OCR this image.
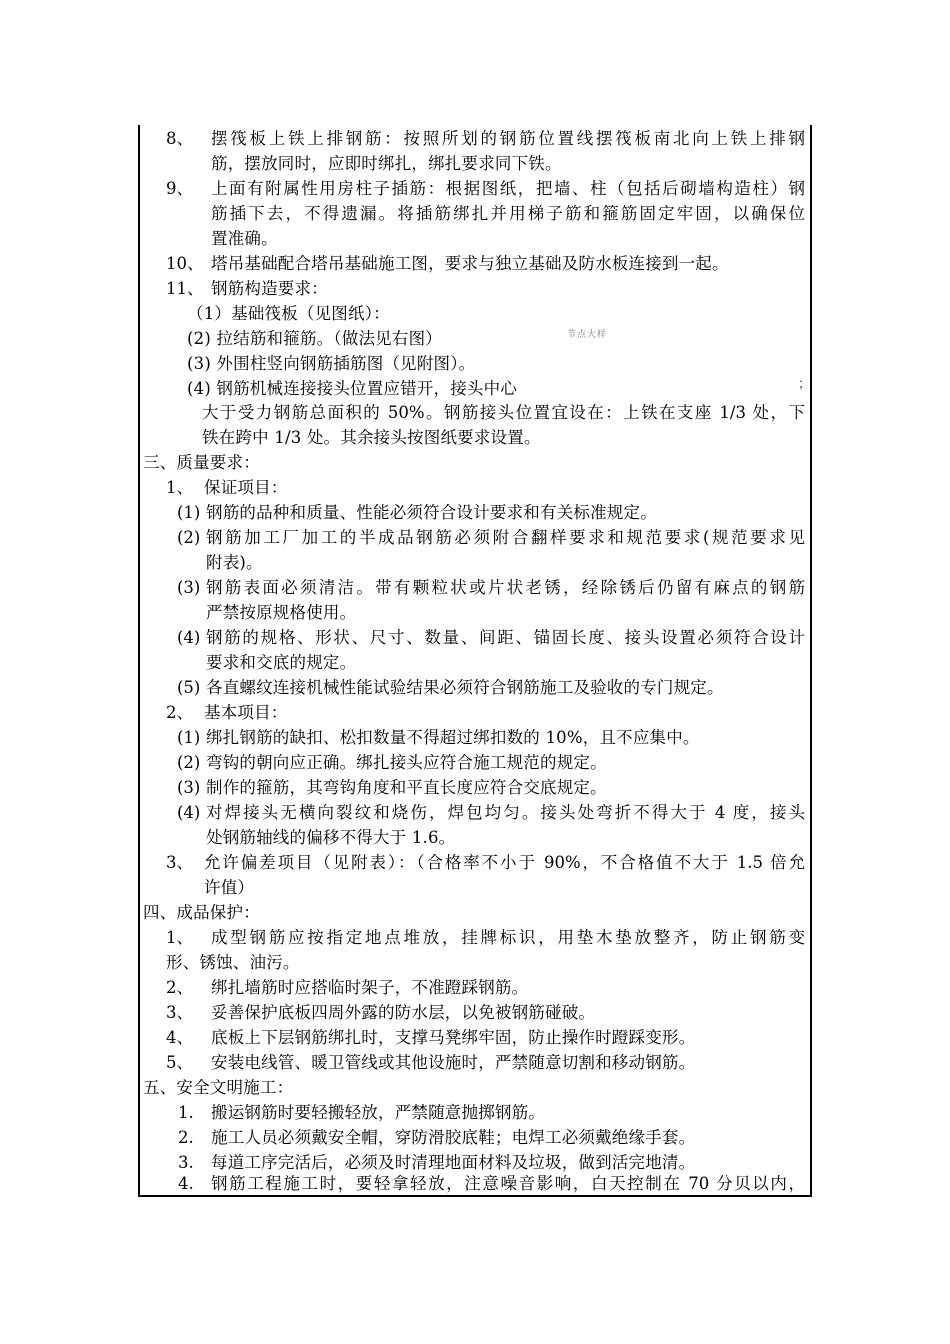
8、 摆筏板上铁上排钢筋：按照所划的钢筋位置线摆筏板南北向上铁上排钢
筋，摆放同时，应即时绑扎，绑扎要求同下铁。
9、 上面有附属性用房柱子插筋：根据图纸，把墙、柱（包括后砌墙构造柱）钢
筋插下去，不得遗漏。将插筋绑扎并用梯子筋和箍筋固定牢固，以确保位
置准确。
10、 塔吊基础配合塔吊基础施工图，要求与独立基础及防水板连接到一起。
11、 钢筋构造要求：
（1）基础筏板（见图纸）：
(2) 拉结筋和箍筋。（做法见右图）	节点大样
(3) 外围柱竖向钢筋插筋图（见附图）。
(4) 钢筋机械连接接头位置应错开，接头中心	；
大于受力钢筋总面积的 50%。钢筋接头位置宜设在：上铁在支座 1/3 处，下
铁在跨中 1/3 处。其余接头按图纸要求设置。
三、质量要求：
1、 保证项目：
(1) 钢筋的品种和质量、性能必须符合设计要求和有关标准规定。
(2) 钢筋加工厂加工的半成品钢筋必须附合翻样要求和规范要求(规范要求见
附表)。
(3) 钢筋表面必须清洁。带有颗粒状或片状老锈，经除锈后仍留有麻点的钢筋
严禁按原规格使用。
(4) 钢筋的规格、形状、尺寸、数量、间距、锚固长度、接头设置必须符合设计
要求和交底的规定。
(5) 各直螺纹连接机械性能试验结果必须符合钢筋施工及验收的专门规定。
2、 基本项目：
(1) 绑扎钢筋的缺扣、松扣数量不得超过绑扣数的 10%，且不应集中。
(2) 弯钩的朝向应正确。绑扎接头应符合施工规范的规定。
(3) 制作的箍筋，其弯钩角度和平直长度应符合交底规定。
(4) 对焊接头无横向裂纹和烧伤，焊包均匀。接头处弯折不得大于 4 度，接头
处钢筋轴线的偏移不得大于 1.6。
3、 允许偏差项目（见附表）：（合格率不小于 90%，不合格值不大于 1.5 倍允
许值）
四、成品保护：
1、 成型钢筋应按指定地点堆放，挂牌标识，用垫木垫放整齐，防止钢筋变
形、锈蚀、油污。
2、 绑扎墙筋时应搭临时架子，不准蹬踩钢筋。
3、 妥善保护底板四周外露的防水层，以免被钢筋碰破。
4、 底板上下层钢筋绑扎时，支撑马凳绑牢固，防止操作时蹬踩变形。
5、 安装电线管、暖卫管线或其他设施时，严禁随意切割和移动钢筋。
五、安全文明施工：
1. 搬运钢筋时要轻搬轻放，严禁随意抛掷钢筋。
2. 施工人员必须戴安全帽，穿防滑胶底鞋；电焊工必须戴绝缘手套。
3. 每道工序完活后，必须及时清理地面材料及垃圾，做到活完地清。
4. 钢筋工程施工时，要轻拿轻放，注意噪音影响，白天控制在 70 分贝以内，
